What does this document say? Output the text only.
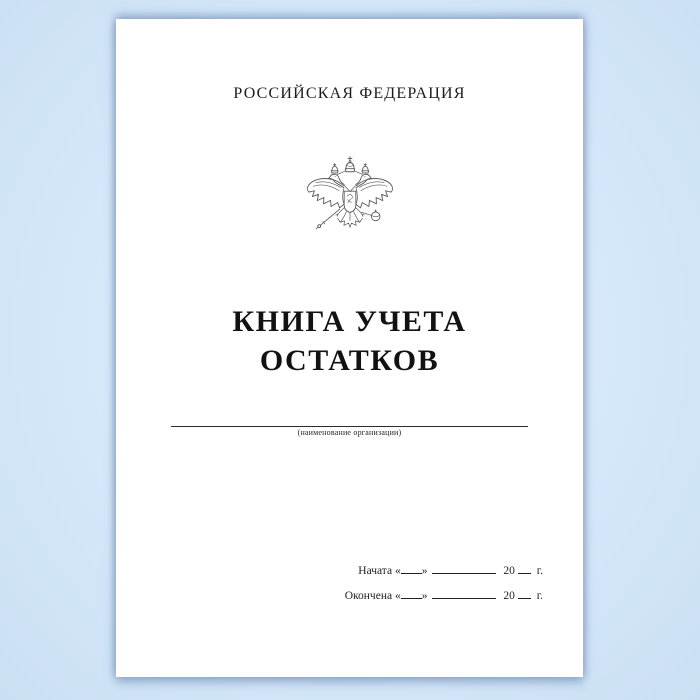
РОССИЙСКАЯ ФЕДЕРАЦИЯ
КНИГА УЧЕТА
ОСТАТКОВ
(наименование организации)
Начата « »	20 г.
Окончена « »	20 г.
